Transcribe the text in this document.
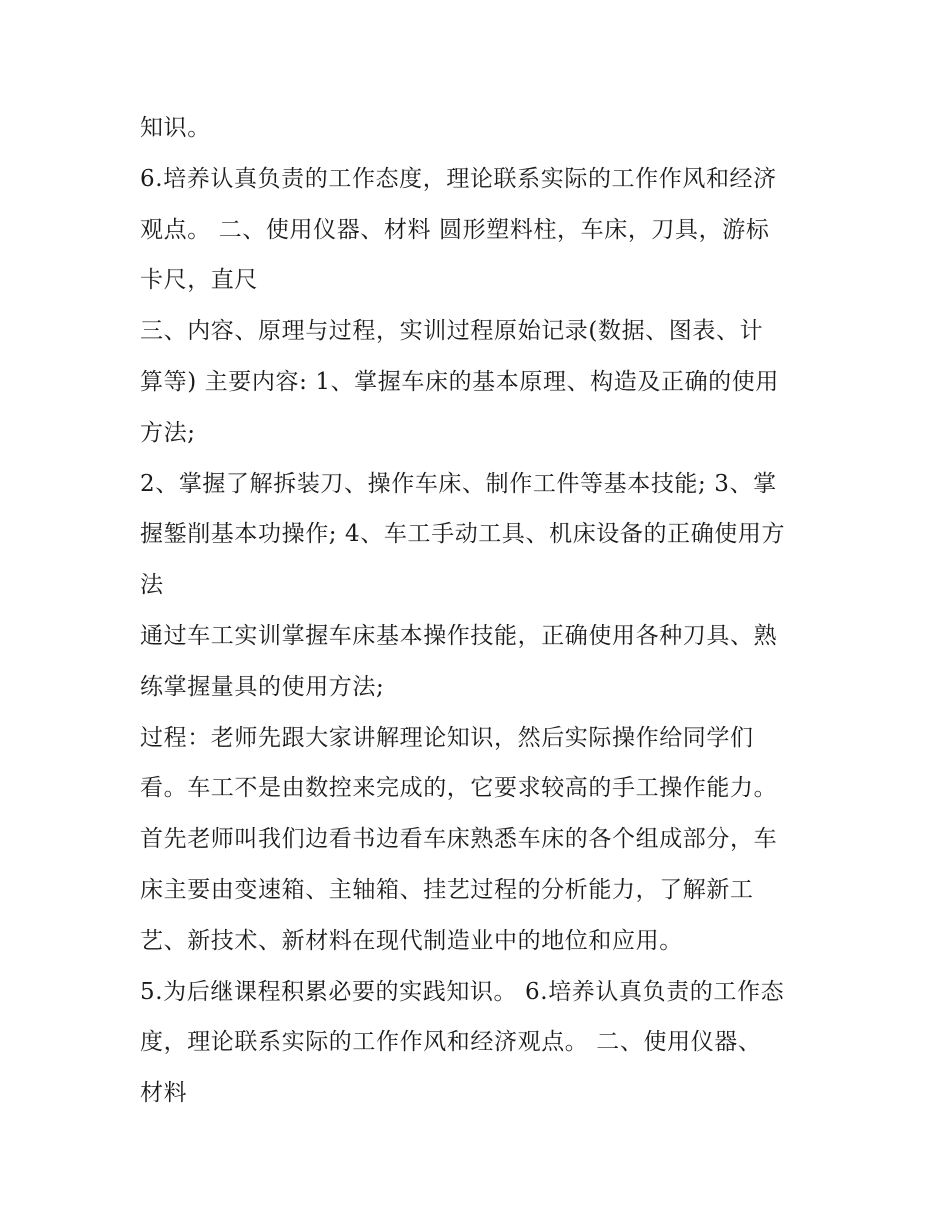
知识。
6.培养认真负责的工作态度，理论联系实际的工作作风和经济
观点。 二、使用仪器、材料 圆形塑料柱，车床，刀具，游标
卡尺，直尺
三、内容、原理与过程，实训过程原始记录(数据、图表、计
算等) 主要内容: 1、掌握车床的基本原理、构造及正确的使用
方法;
2、掌握了解拆装刀、操作车床、制作工件等基本技能; 3、掌
握錾削基本功操作; 4、车工手动工具、机床设备的正确使用方
法
通过车工实训掌握车床基本操作技能，正确使用各种刀具、熟
练掌握量具的使用方法;
过程：老师先跟大家讲解理论知识，然后实际操作给同学们
看。车工不是由数控来完成的，它要求较高的手工操作能力。
首先老师叫我们边看书边看车床熟悉车床的各个组成部分，车
床主要由变速箱、主轴箱、挂艺过程的分析能力，了解新工
艺、新技术、新材料在现代制造业中的地位和应用。
5.为后继课程积累必要的实践知识。 6.培养认真负责的工作态
度，理论联系实际的工作作风和经济观点。 二、使用仪器、
材料
